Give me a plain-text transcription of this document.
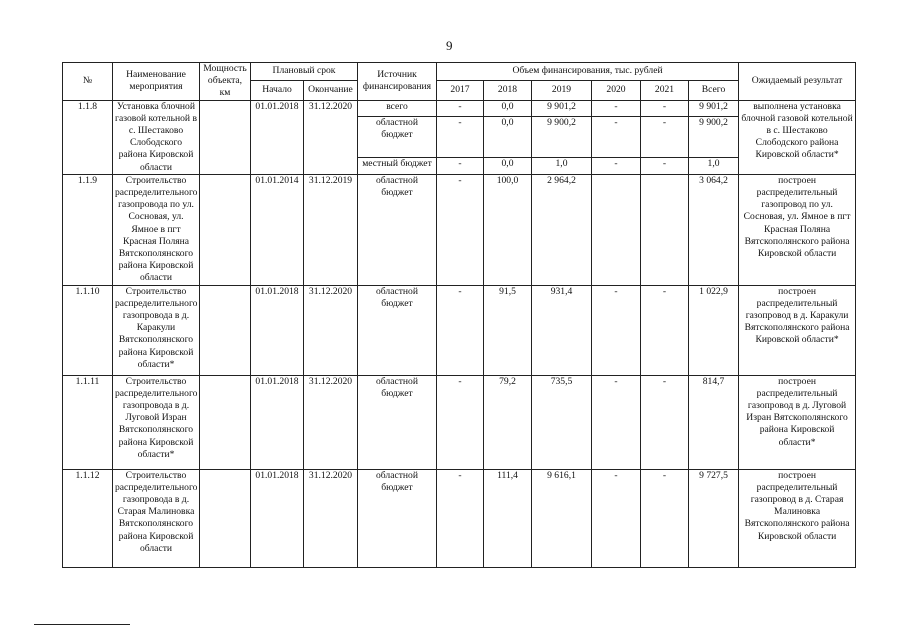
9
№	Наименование мероприятия	Мощность объекта, км	Плановый срок		Источник финансирования	Объем финансирования, тыс. рублей						Ожидаемый результат
			Начало	Окончание		2017	2018	2019	2020	2021	Всего	
1.1.8	Установка блочной газовой котельной в с. Шестаково Слободского района Кировской области		01.01.2018	31.12.2020	всего	-	0,0	9 901,2	-	-	9 901,2	выполнена установка блочной газовой котельной в с. Шестаково Слободского района Кировской области*
					областной бюджет	-	0,0	9 900,2	-	-	9 900,2	
					местный бюджет	-	0,0	1,0	-	-	1,0	
1.1.9	Строительство распределительного газопровода по ул. Сосновая, ул. Ямное в пгт Красная Поляна Вятскополянского района Кировской области		01.01.2014	31.12.2019	областной бюджет	-	100,0	2 964,2			3 064,2	построен распределительный газопровод по ул. Сосновая, ул. Ямное в пгт Красная Поляна Вятскополянского района Кировской области
1.1.10	Строительство распределительного газопровода в д. Каракули Вятскополянского района Кировской области*		01.01.2018	31.12.2020	областной бюджет	-	91,5	931,4	-	-	1 022,9	построен распределительный газопровод в д. Каракули Вятскополянского района Кировской области*
1.1.11	Строительство распределительного газопровода в д. Луговой Изран Вятскополянского района Кировской области*		01.01.2018	31.12.2020	областной бюджет	-	79,2	735,5	-	-	814,7	построен распределительный газопровод в д. Луговой Изран Вятскополянского района Кировской области*
1.1.12	Строительство распределительного газопровода в д. Старая Малиновка Вятскополянского района Кировской области		01.01.2018	31.12.2020	областной бюджет	-	111,4	9 616,1	-	-	9 727,5	построен распределительный газопровод в д. Старая Малиновка Вятскополянского района Кировской области
